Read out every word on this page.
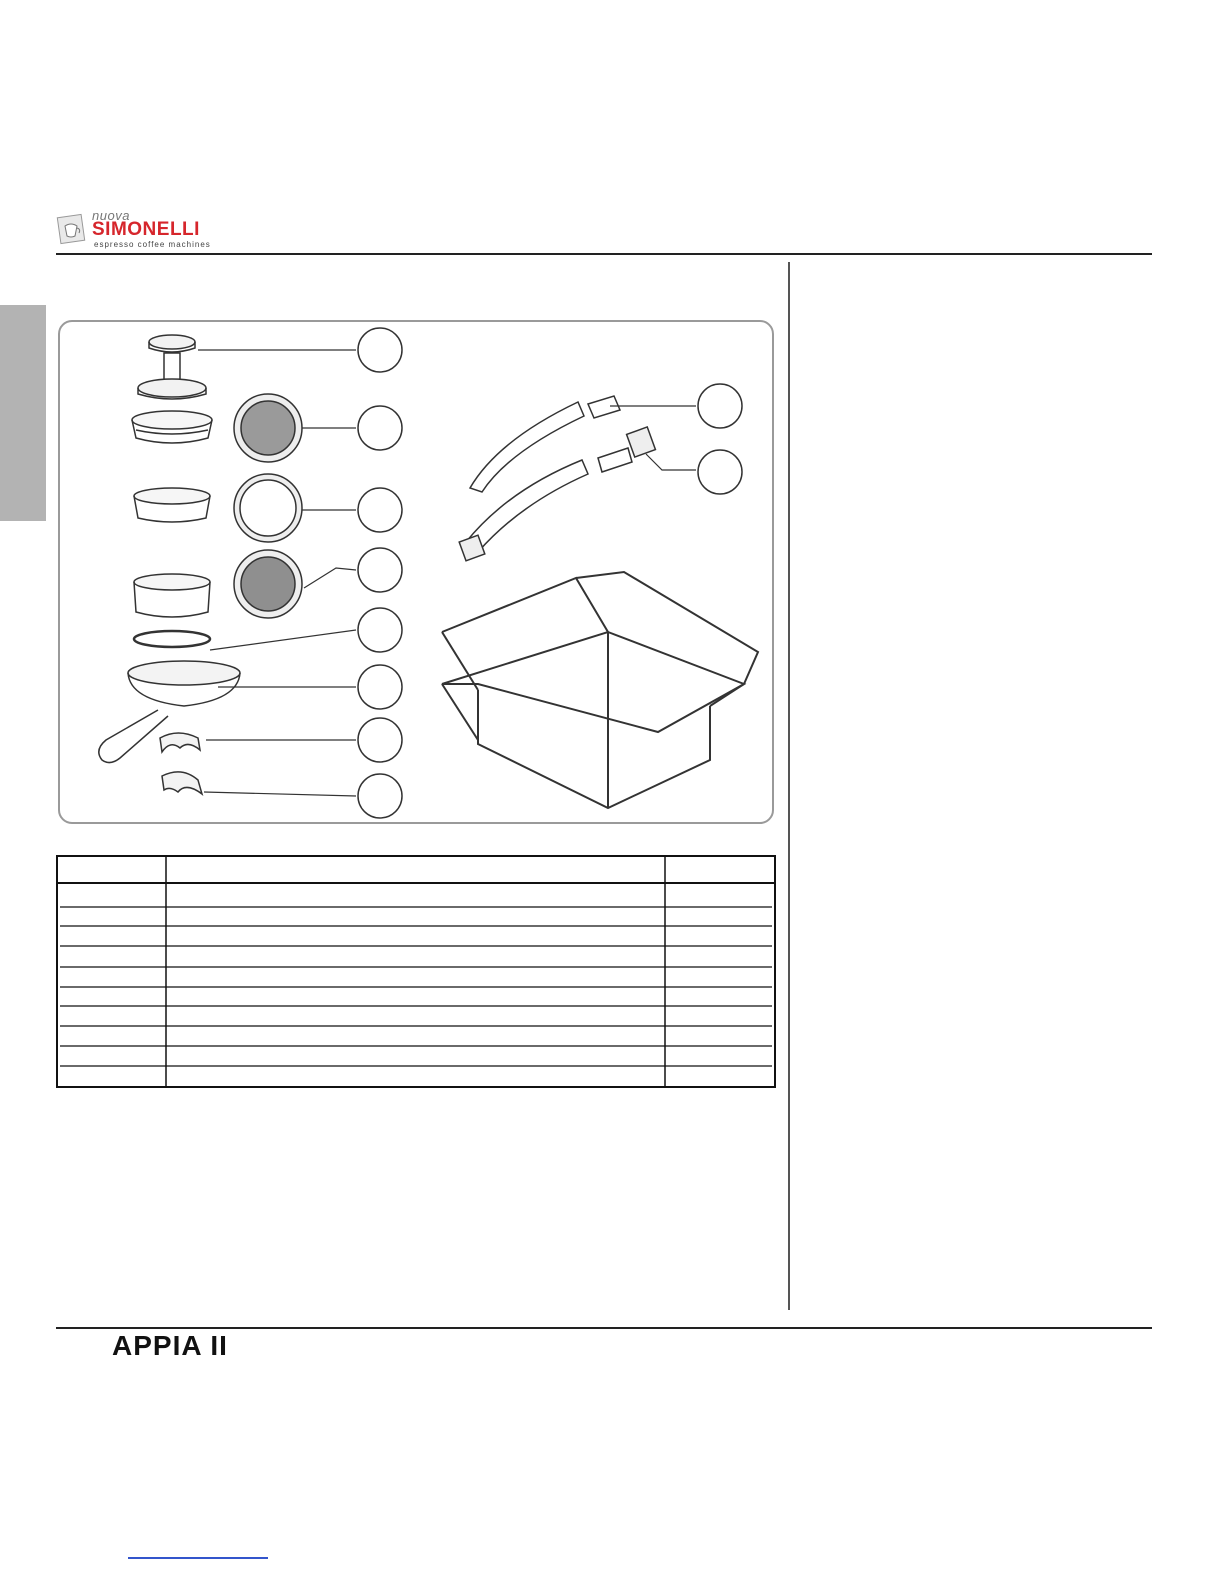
nuova
SIMONELLI
espresso coffee machines
APPIA II
